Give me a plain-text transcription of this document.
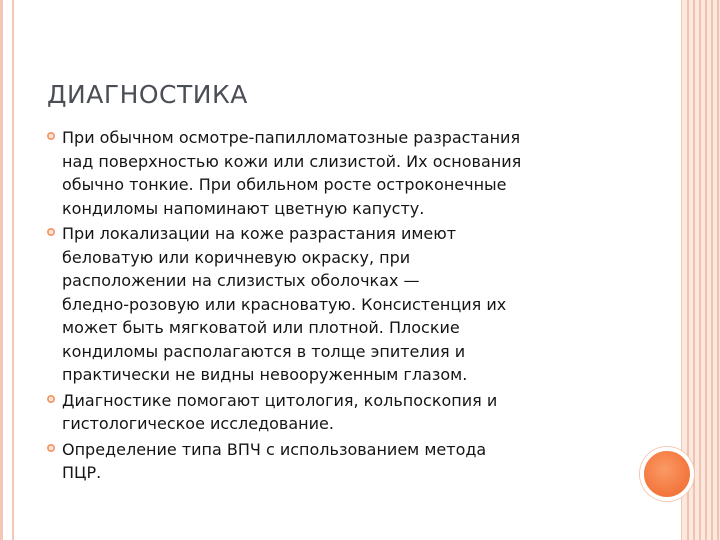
ДИАГНОСТИКА
При обычном осмотре-папилломатозные разрастания
над поверхностью кожи или слизистой. Их основания
обычно тонкие. При обильном росте остроконечные
кондиломы напоминают цветную капусту.
При локализации на коже разрастания имеют
беловатую или коричневую окраску, при
расположении на слизистых оболочках —
бледно-розовую или красноватую. Консистенция их
может быть мягковатой или плотной. Плоские
кондиломы располагаются в толще эпителия и
практически не видны невооруженным глазом.
Диагностике помогают цитология, кольпоскопия и
гистологическое исследование.
Определение типа ВПЧ с использованием метода
ПЦР.
